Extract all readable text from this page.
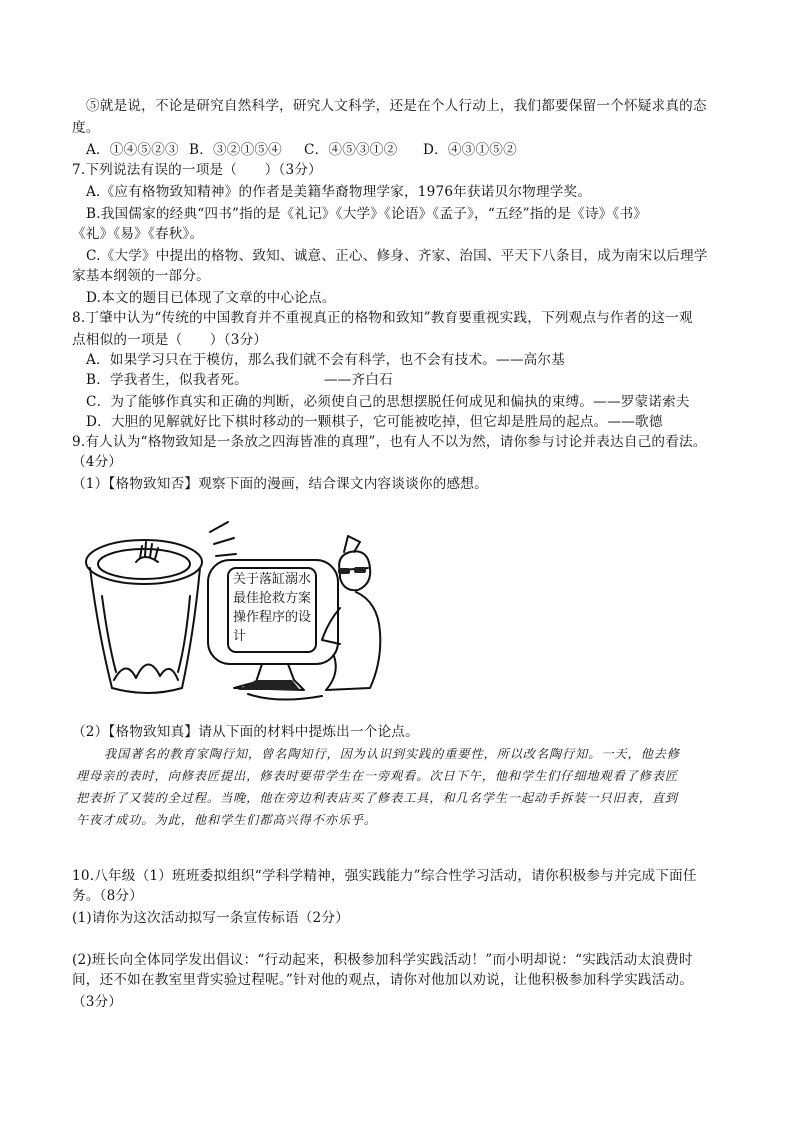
⑤就是说，不论是研究自然科学，研究人文科学，还是在个人行动上，我们都要保留一个怀疑求真的态
度。
A．①④⑤②③ B．③②①⑤④ C．④⑤③①② D．④③①⑤②
7.下列说法有误的一项是（　　）（3分）
A.《应有格物致知精神》的作者是美籍华裔物理学家，1976年获诺贝尔物理学奖。
B.我国儒家的经典“四书”指的是《礼记》《大学》《论语》《孟子》，“五经”指的是《诗》《书》
《礼》《易》《春秋》。
C.《大学》中提出的格物、致知、诚意、正心、修身、齐家、治国、平天下八条目，成为南宋以后理学
家基本纲领的一部分。
D.本文的题目已体现了文章的中心论点。
8.丁肇中认为“传统的中国教育并不重视真正的格物和致知”教育要重视实践，下列观点与作者的这一观
点相似的一项是（　　）（3分）
A．如果学习只在于模仿，那么我们就不会有科学，也不会有技术。——高尔基
B．学我者生，似我者死。　　　　　　——齐白石
C．为了能够作真实和正确的判断，必须使自己的思想摆脱任何成见和偏执的束缚。——罗蒙诺索夫
D．大胆的见解就好比下棋时移动的一颗棋子，它可能被吃掉，但它却是胜局的起点。——歌德
9.有人认为“格物致知是一条放之四海皆准的真理”，也有人不以为然，请你参与讨论并表达自己的看法。
（4分）
（1）【格物致知否】观察下面的漫画，结合课文内容谈谈你的感想。
关于落缸溺水最佳抢救方案操作程序的设计
（2）【格物致知真】请从下面的材料中提炼出一个论点。
我国著名的教育家陶行知，曾名陶知行，因为认识到实践的重要性，所以改名陶行知。一天，他去修
理母亲的表时，向修表匠提出，修表时要带学生在一旁观看。次日下午，他和学生们仔细地观看了修表匠
把表折了又装的全过程。当晚，他在旁边利表店买了修表工具，和几名学生一起动手拆装一只旧表，直到
午夜才成功。为此，他和学生们都高兴得不亦乐乎。
10.八年级（1）班班委拟组织“学科学精神，强实践能力”综合性学习活动，请你积极参与并完成下面任
务。（8分）
(1)请你为这次活动拟写一条宣传标语（2分）
(2)班长向全体同学发出倡议：“行动起来，积极参加科学实践活动！”而小明却说：“实践活动太浪费时
间，还不如在教室里背实验过程呢。”针对他的观点，请你对他加以劝说，让他积极参加科学实践活动。
（3分）
